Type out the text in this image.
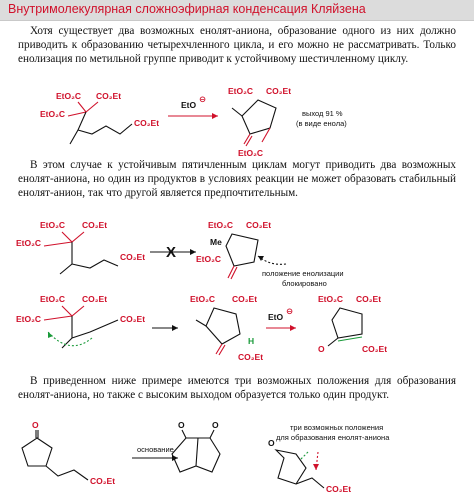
Внутримолекулярная сложноэфирная конденсация Кляйзена

Хотя существует два возможных енолят-аниона, образование одного из них должно приводить к образованию четырехчленного цикла, и его можно не рассматривать. Только енолизация по метильной группе приводит к устойчивому шестичленному циклу.

EtO₂C CO₂Et
EtO₂C
CO₂Et
EtO
⊖
EtO₂C CO₂Et
EtO₂C
выход 91 %
(в виде енола)

В этом случае к устойчивым пятичленным циклам могут приводить два возможных енолят-аниона, но один из продуктов в условиях реакции не может образовать стабильный енолят-анион, так что другой является предпочтительным.

EtO₂C CO₂Et
EtO₂C
CO₂Et X
EtO₂C CO₂Et
Me
EtO₂C
положение енолизации
блокировано
EtO₂C CO₂Et
EtO₂C	CO₂Et
EtO₂C CO₂Et
H
CO₂Et
EtO
⊖
EtO₂C CO₂Et
CO₂Et
O

В приведенном ниже примере имеются три возможных положения для образования енолят-аниона, но также с высоким выходом образуется только один продукт.

O
CO₂Et
основание
O	O
O
CO₂Et
три возможных положения
для образования енолят-аниона
